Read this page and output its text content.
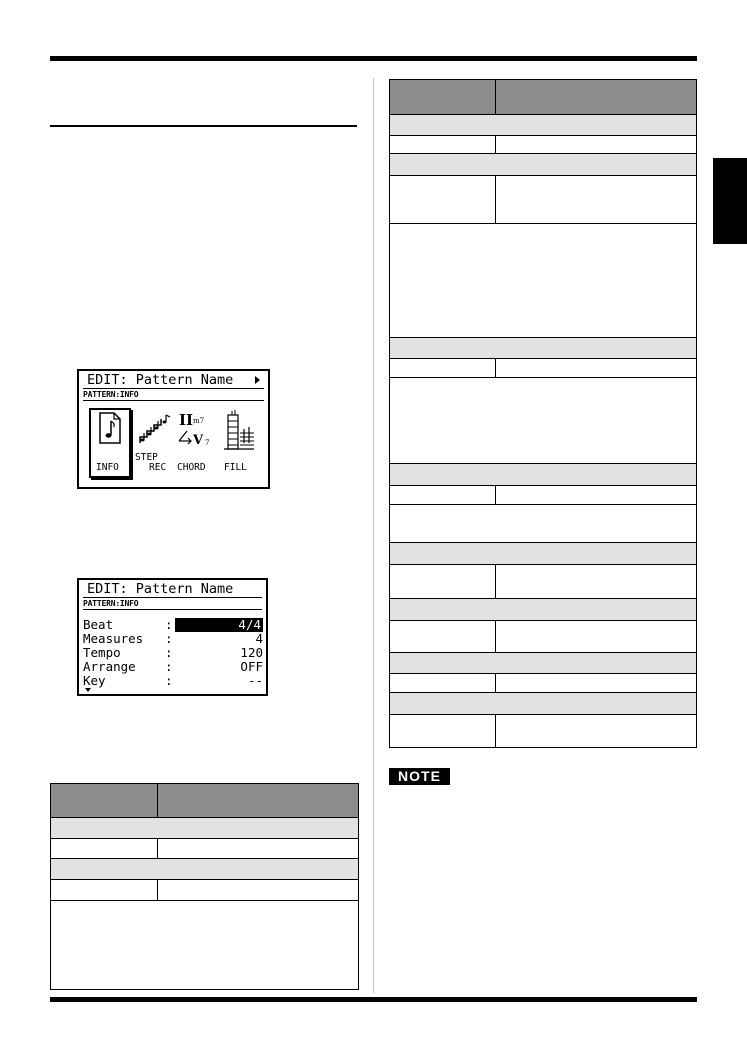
EDIT: Pattern Name
PATTERN:INFO
INFO
STEP
REC
II m7
V 7
CHORD FILL
EDIT: Pattern Name
PATTERN:INFO
Beat	:	4/4
Measures :	4
Tempo	:	120
Arrange :	OFF
Key	:	--
NOTE
